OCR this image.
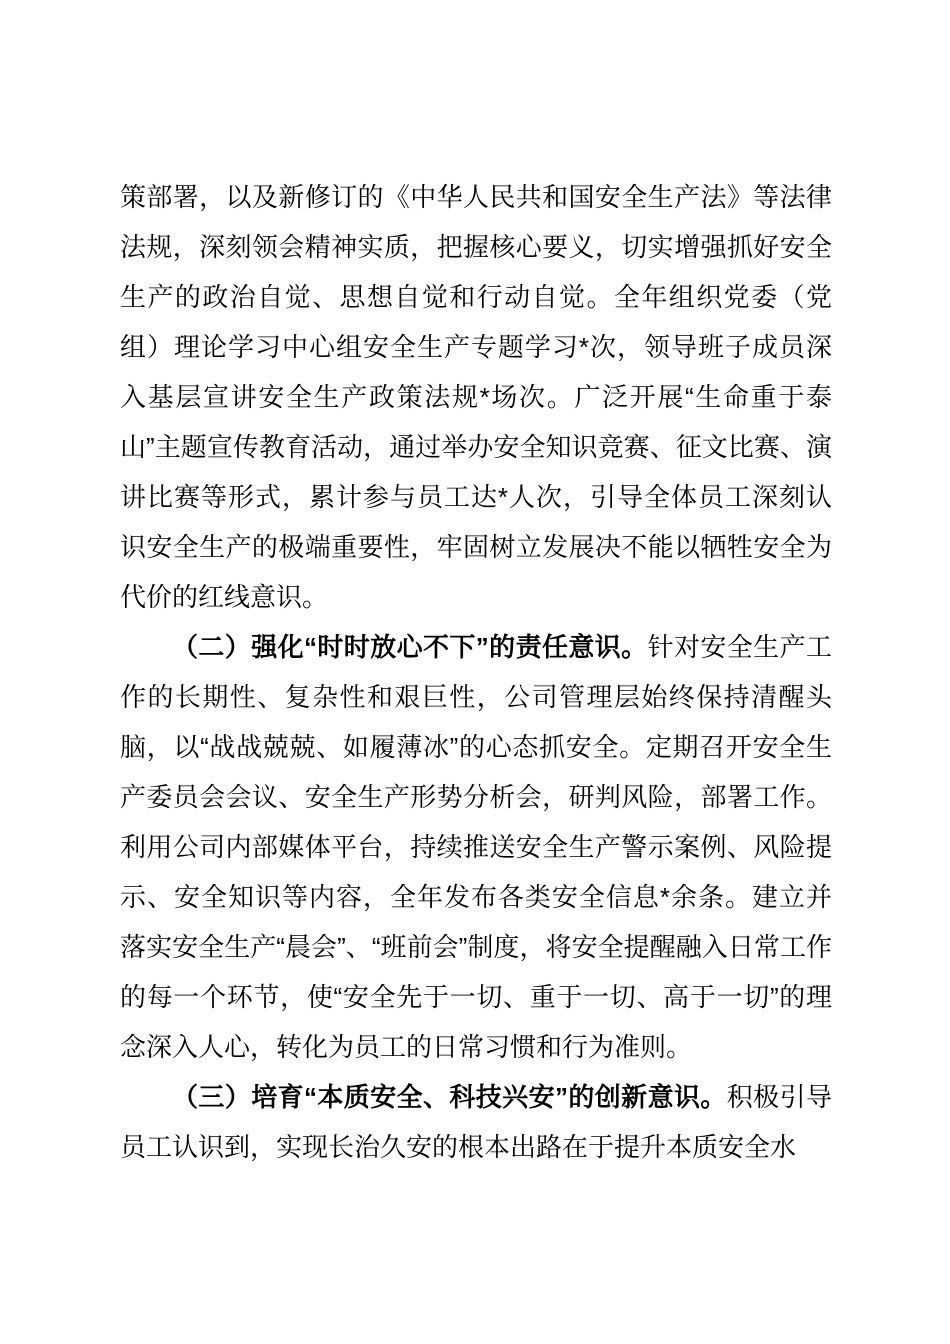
策部署，以及新修订的《中华人民共和国安全生产法》等法律法规，深刻领会精神实质，把握核心要义，切实增强抓好安全生产的政治自觉、思想自觉和行动自觉。全年组织党委（党组）理论学习中心组安全生产专题学习*次，领导班子成员深入基层宣讲安全生产政策法规*场次。广泛开展“生命重于泰山”主题宣传教育活动，通过举办安全知识竞赛、征文比赛、演讲比赛等形式，累计参与员工达*人次，引导全体员工深刻认识安全生产的极端重要性，牢固树立发展决不能以牺牲安全为代价的红线意识。

（二）强化“时时放心不下”的责任意识。针对安全生产工作的长期性、复杂性和艰巨性，公司管理层始终保持清醒头脑，以“战战兢兢、如履薄冰”的心态抓安全。定期召开安全生产委员会会议、安全生产形势分析会，研判风险，部署工作。利用公司内部媒体平台，持续推送安全生产警示案例、风险提示、安全知识等内容，全年发布各类安全信息*余条。建立并落实安全生产“晨会”、“班前会”制度，将安全提醒融入日常工作的每一个环节，使“安全先于一切、重于一切、高于一切”的理念深入人心，转化为员工的日常习惯和行为准则。

（三）培育“本质安全、科技兴安”的创新意识。积极引导员工认识到，实现长治久安的根本出路在于提升本质安全水
